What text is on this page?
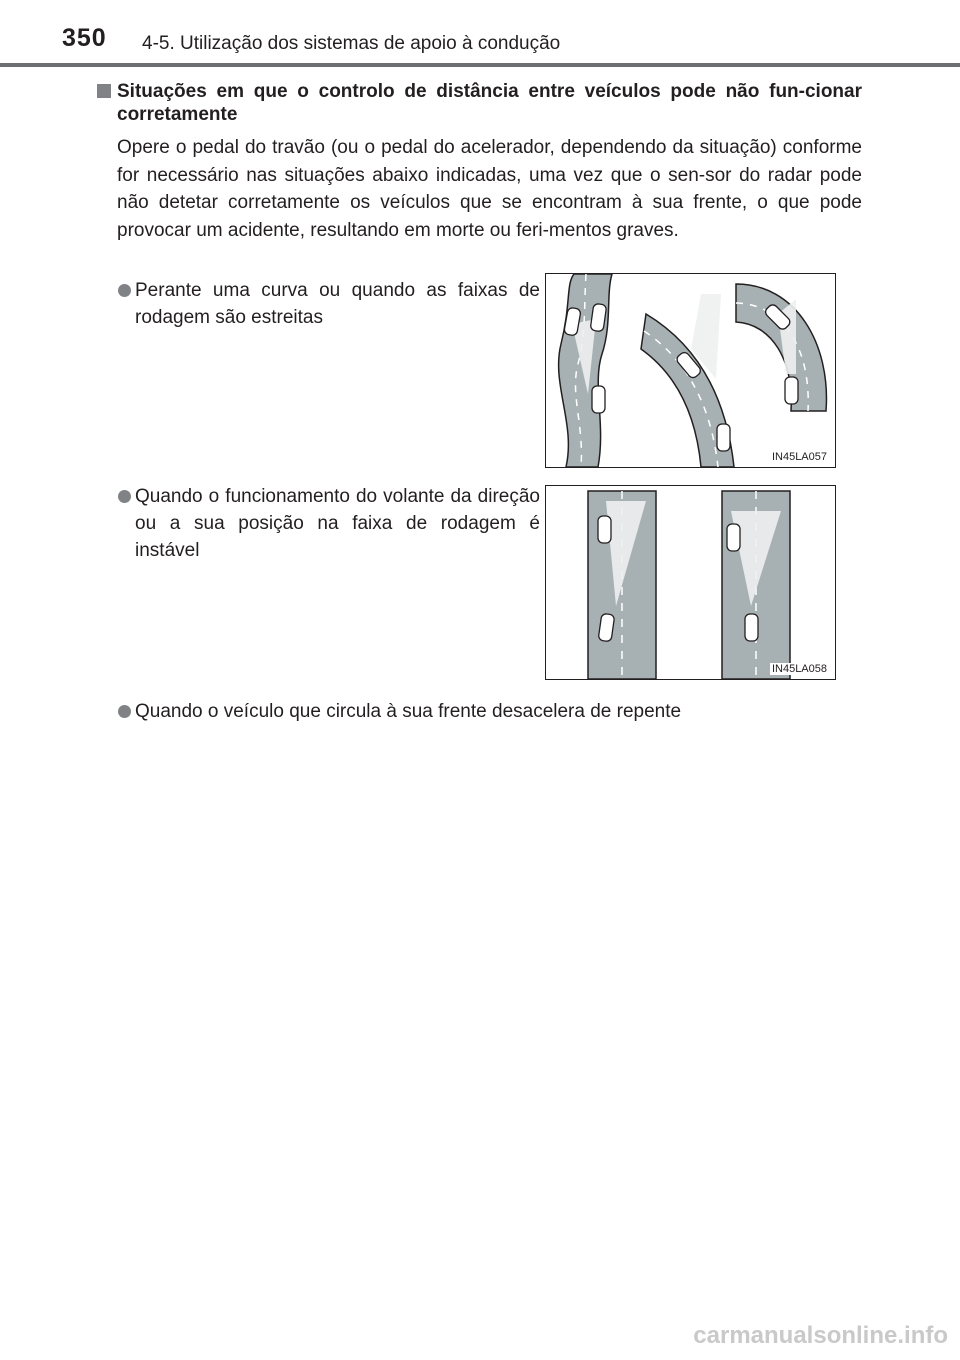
350 4-5. Utilização dos sistemas de apoio à condução
Situações em que o controlo de distância entre veículos pode não fun-cionar corretamente
Opere o pedal do travão (ou o pedal do acelerador, dependendo da situação) conforme for necessário nas situações abaixo indicadas, uma vez que o sen-sor do radar pode não detetar corretamente os veículos que se encontram à sua frente, o que pode provocar um acidente, resultando em morte ou feri-mentos graves.
Perante uma curva ou quando as faixas de rodagem são estreitas
IN45LA057
Quando o funcionamento do volante da direção ou a sua posição na faixa de rodagem é instável
IN45LA058
Quando o veículo que circula à sua frente desacelera de repente
carmanualsonline.info
